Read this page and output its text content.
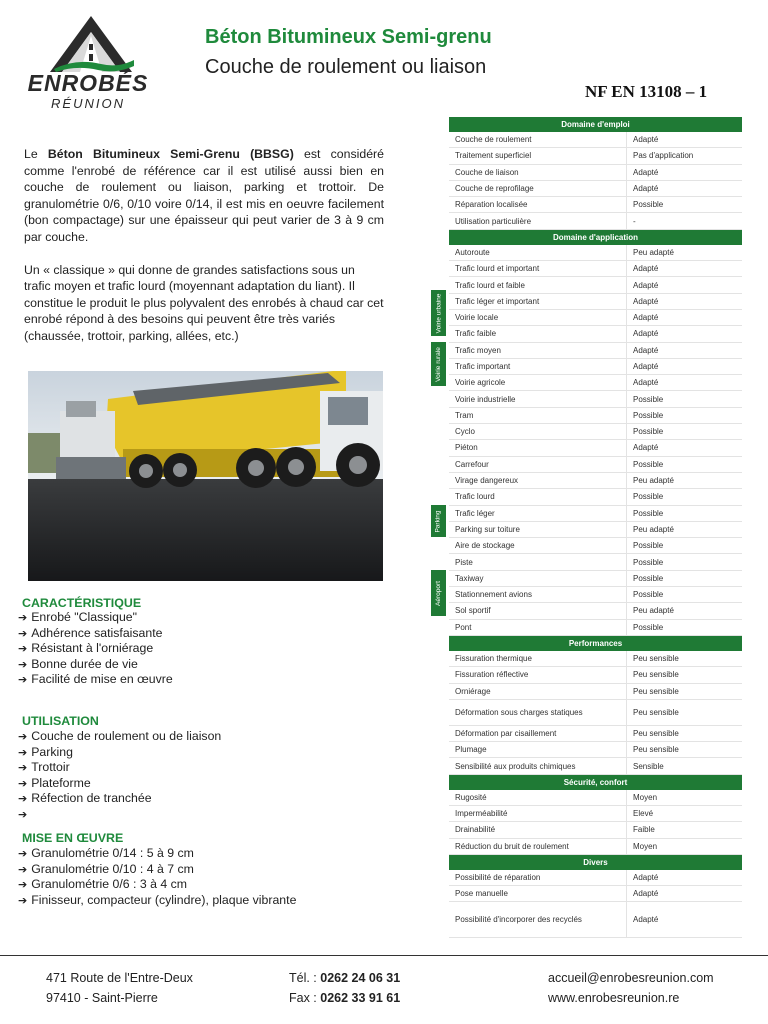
ENROBÉS
RÉUNION
Béton Bitumineux Semi-grenu
Couche de roulement ou liaison
NF EN 13108 – 1

Le Béton Bitumineux Semi-Grenu (BBSG) est considéré comme l'enrobé de référence car il est utilisé aussi bien en couche de roulement ou liaison, parking et trottoir. De granulométrie 0/6, 0/10 voire 0/14, il est mis en oeuvre facilement (bon compactage) sur une épaisseur qui peut varier de 3 à 9 cm par couche.

Un « classique » qui donne de grandes satisfactions sous un trafic moyen et trafic lourd (moyennant adaptation du liant). Il constitue le produit le plus polyvalent des enrobés à chaud car cet enrobé répond à des besoins qui peuvent être très variés (chaussée, trottoir, parking, allées, etc.)

CARACTÉRISTIQUE
➔ Enrobé "Classique"
➔ Adhérence satisfaisante
➔ Résistant à l'orniérage
➔ Bonne durée de vie
➔ Facilité de mise en œuvre
UTILISATION
➔ Couche de roulement ou de liaison
➔ Parking
➔ Trottoir
➔ Plateforme
➔ Réfection de tranchée
➔
MISE EN ŒUVRE
➔ Granulométrie 0/14 : 5 à 9 cm
➔ Granulométrie 0/10 : 4 à 7 cm
➔ Granulométrie 0/6 : 3 à 4 cm
➔ Finisseur, compacteur (cylindre), plaque vibrante
Voirie urbaine
Voirie rurale
Parking
Aéroport
Domaine d'emploi
Couche de roulement	Adapté
Traitement superficiel	Pas d'application
Couche de liaison	Adapté
Couche de reprofilage	Adapté
Réparation localisée	Possible
Utilisation particulière	-
Domaine d'application
Autoroute	Peu adapté
Trafic lourd et important	Adapté
Trafic lourd et faible	Adapté
Trafic léger et important	Adapté
Voirie locale	Adapté
Trafic faible	Adapté
Trafic moyen	Adapté
Trafic important	Adapté
Voirie agricole	Adapté
Voirie industrielle	Possible
Tram	Possible
Cyclo	Possible
Piéton	Adapté
Carrefour	Possible
Virage dangereux	Peu adapté
Trafic lourd	Possible
Trafic léger	Possible
Parking sur toiture	Peu adapté
Aire de stockage	Possible
Piste	Possible
Taxiway	Possible
Stationnement avions	Possible
Sol sportif	Peu adapté
Pont	Possible
Performances
Fissuration thermique	Peu sensible
Fissuration réflective	Peu sensible
Orniérage	Peu sensible
Déformation sous charges statiques	Peu sensible
Déformation par cisaillement	Peu sensible
Plumage	Peu sensible
Sensibilité aux produits chimiques	Sensible
Sécurité, confort
Rugosité	Moyen
Imperméabilité	Elevé
Drainabilité	Faible
Réduction du bruit de roulement	Moyen
Divers
Possibilité de réparation	Adapté
Pose manuelle	Adapté
Possibilité d'incorporer des recyclés	Adapté
471 Route de l'Entre-Deux
97410 - Saint-Pierre
Tél. : 0262 24 06 31
Fax : 0262 33 91 61
accueil@enrobesreunion.com
www.enrobesreunion.re
